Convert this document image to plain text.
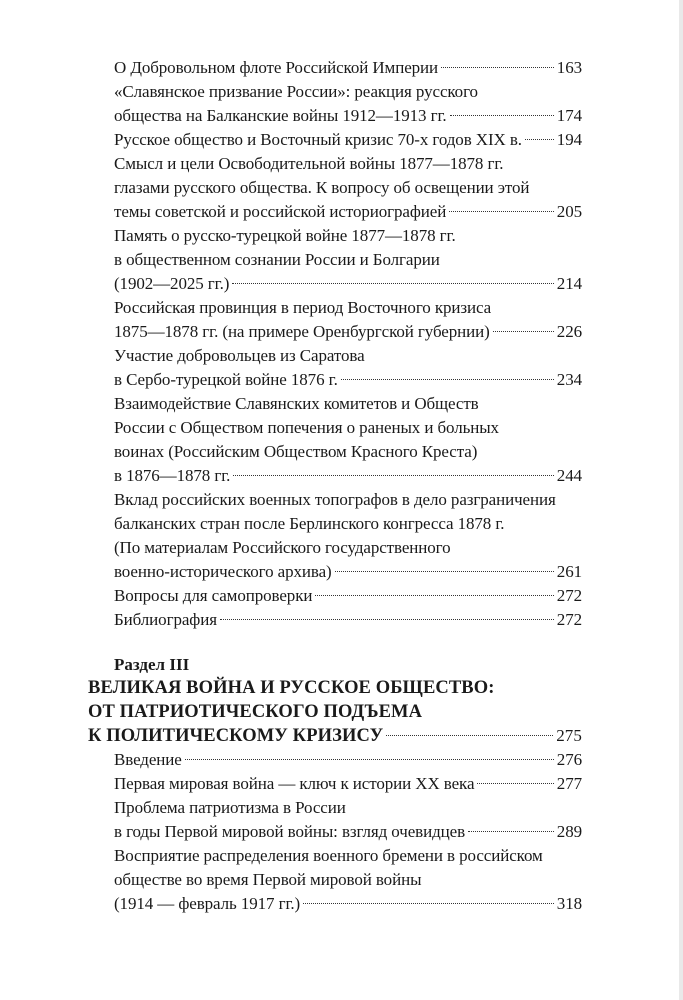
О Добровольном флоте Российской Империи	163
«Славянское призвание России»: реакция русского
общества на Балканские войны 1912—1913 гг.	174
Русское общество и Восточный кризис 70-х годов XIX в. 194
Смысл и цели Освободительной войны 1877—1878 гг.
глазами русского общества. К вопросу об освещении этой
темы советской и российской историографией	205
Память о русско-турецкой войне 1877—1878 гг.
в общественном сознании России и Болгарии
(1902—2025 гг.)	214
Российская провинция в период Восточного кризиса
1875—1878 гг. (на примере Оренбургской губернии)	226
Участие добровольцев из Саратова
в Сербо-турецкой войне 1876 г.	234
Взаимодействие Славянских комитетов и Обществ
России с Обществом попечения о раненых и больных
воинах (Российским Обществом Красного Креста)
в 1876—1878 гг.	244
Вклад российских военных топографов в дело разграничения
балканских стран после Берлинского конгресса 1878 г.
(По материалам Российского государственного
военно-исторического архива)	261
Вопросы для самопроверки	272
Библиография	272
Раздел III
ВЕЛИКАЯ ВОЙНА И РУССКОЕ ОБЩЕСТВО:
ОТ ПАТРИОТИЧЕСКОГО ПОДЪЕМА
К ПОЛИТИЧЕСКОМУ КРИЗИСУ	275
Введение	276
Первая мировая война — ключ к истории XX века	277
Проблема патриотизма в России
в годы Первой мировой войны: взгляд очевидцев	289
Восприятие распределения военного бремени в российском
обществе во время Первой мировой войны
(1914 — февраль 1917 гг.)	318
